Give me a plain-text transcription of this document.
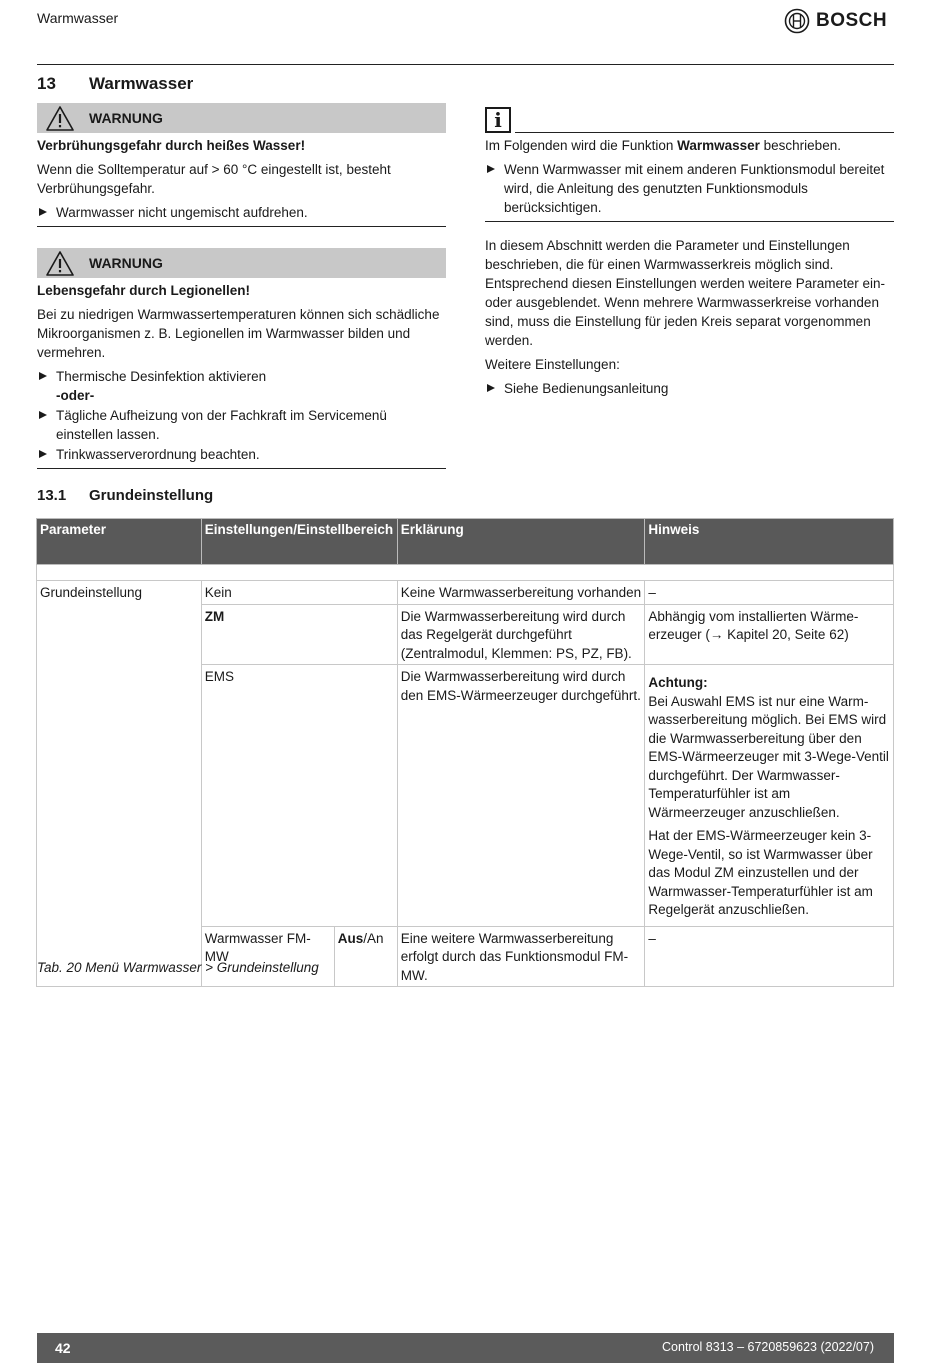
Warmwasser	BOSCH
13 Warmwasser
WARNUNG

Verbrühungsgefahr durch heißes Wasser!

Wenn die Solltemperatur auf > 60 °C eingestellt ist, besteht Verbrühungsgefahr.

Warmwasser nicht ungemischt aufdrehen.
WARNUNG

Lebensgefahr durch Legionellen!

Bei zu niedrigen Warmwassertemperaturen können sich schädliche Mikroorganismen z. B. Legionellen im Warmwasser bilden und vermehren.

Thermische Desinfektion aktivieren
-oder-
Tägliche Aufheizung von der Fachkraft im Servicemenü einstellen lassen.
Trinkwasserverordnung beachten.
i

Im Folgenden wird die Funktion Warmwasser beschrieben.

Wenn Warmwasser mit einem anderen Funktionsmodul bereitet wird, die Anleitung des genutzten Funktionsmoduls berücksichtigen.

In diesem Abschnitt werden die Parameter und Einstellungen beschrieben, die für einen Warmwasserkreis möglich sind. Entsprechend diesen Einstellungen werden weitere Parameter ein- oder ausgeblendet. Wenn mehrere Warmwasserkreise vorhanden sind, muss die Einstellung für jeden Kreis separat vorgenommen werden.

Weitere Einstellungen:

Siehe Bedienungsanleitung
13.1 Grundeinstellung
Parameter	Einstellungen/Einstellbereich		Erklärung	Hinweis

Grundeinstellung	Kein		Keine Warmwasserbereitung vorhanden	–
	ZM		Die Warmwasserbereitung wird durch das Regelgerät durchgeführt (Zentralmodul, Klemmen: PS, PZ, FB).	Abhängig vom installierten Wärme-erzeuger (→ Kapitel 20, Seite 62)
	EMS		Die Warmwasserbereitung wird durch den EMS-Wärmeerzeuger durchgeführt.	Achtung:

Bei Auswahl EMS ist nur eine Warm-wasserbereitung möglich. Bei EMS wird die Warmwasserbereitung über den EMS-Wärmeerzeuger mit 3-Wege-Ventil durchgeführt. Der Warmwasser-Temperaturfühler ist am Wärmeerzeuger anzuschließen.

Hat der EMS-Wärmeerzeuger kein 3-Wege-Ventil, so ist Warmwasser über das Modul ZM einzustellen und der Warmwasser-Temperaturfühler ist am Regelgerät anzuschließen.

	Warmwasser FM-MW	Aus/An	Eine weitere Warmwasserbereitung erfolgt durch das Funktionsmodul FM-MW.	–
Tab. 20 Menü Warmwasser > Grundeinstellung
42	Control 8313 – 6720859623 (2022/07)
